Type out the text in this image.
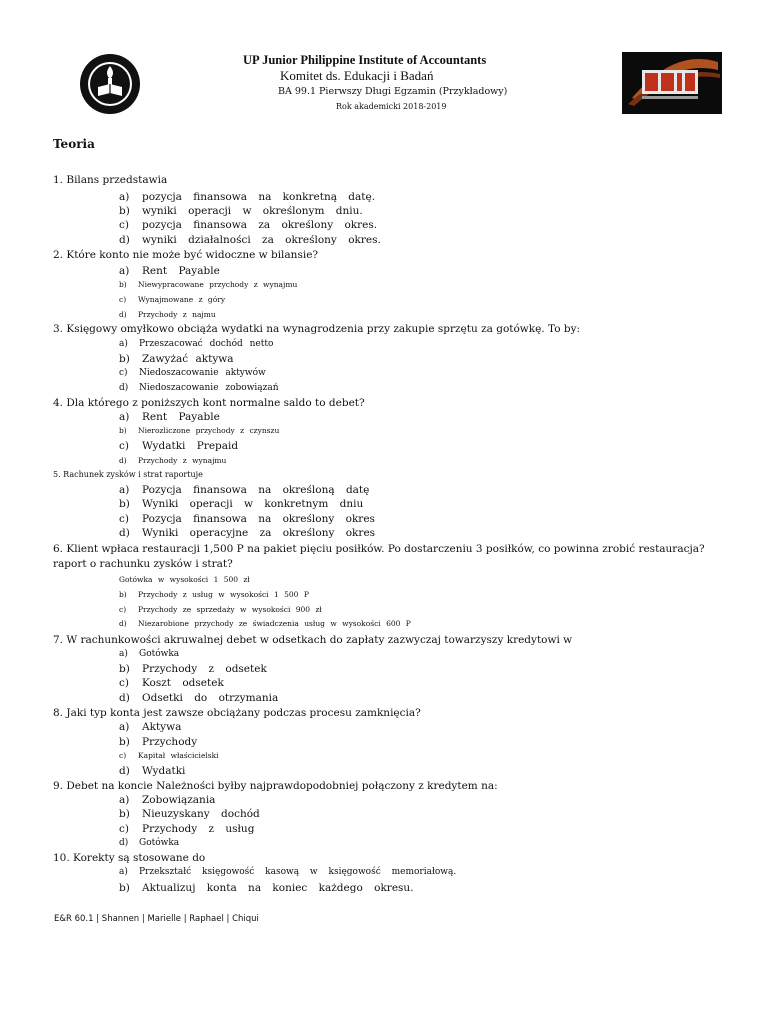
UP Junior Philippine Institute of Accountants
Komitet ds. Edukacji i Badań
BA 99.1 Pierwszy Długi Egzamin (Przykładowy)
Rok akademicki 2018-2019
Teoria
1. Bilans przedstawia
a)	pozycja finansowa na konkretną datę.
b)	wyniki operacji w określonym dniu.
c)	pozycja finansowa za określony okres.
d)	wyniki działalności za określony okres.
2. Które konto nie może być widoczne w bilansie?
a)	Rent Payable
b)	Niewypracowane przychody z wynajmu
c)	Wynajmowane z góry
d)	Przychody z najmu
3. Księgowy omyłkowo obciąża wydatki na wynagrodzenia przy zakupie sprzętu za gotówkę. To by:
a)	Przeszacować dochód netto
b)	Zawyżać aktywa
c)	Niedoszacowanie aktywów
d)	Niedoszacowanie zobowiązań
4. Dla którego z poniższych kont normalne saldo to debet?
a)	Rent Payable
b)	Nierozliczone przychody z czynszu
c)	Wydatki Prepaid
d)	Przychody z wynajmu
5. Rachunek zysków i strat raportuje
a)	Pozycja finansowa na określoną datę
b)	Wyniki operacji w konkretnym dniu
c)	Pozycja finansowa na określony okres
d)	Wyniki operacyjne za określony okres
6. Klient wpłaca restauracji 1,500 P na pakiet pięciu posiłków. Po dostarczeniu 3 posiłków, co powinna zrobić restauracja?
raport o rachunku zysków i strat?
Gotówka w wysokości 1 500 zł
b)	Przychody z usług w wysokości 1 500 P
c)	Przychody ze sprzedaży w wysokości 900 zł
d)	Niezarobione przychody ze świadczenia usług w wysokości 600 P
7. W rachunkowości akruwalnej debet w odsetkach do zapłaty zazwyczaj towarzyszy kredytowi w
a)	Gotówka
b)	Przychody z odsetek
c)	Koszt odsetek
d)	Odsetki do otrzymania
8. Jaki typ konta jest zawsze obciążany podczas procesu zamknięcia?
a)	Aktywa
b)	Przychody
c)	Kapitał właścicielski
d)	Wydatki
9. Debet na koncie Należności byłby najprawdopodobniej połączony z kredytem na:
a)	Zobowiązania
b)	Nieuzyskany dochód
c)	Przychody z usług
d)	Gotówka
10. Korekty są stosowane do
a)	Przekształć księgowość kasową w księgowość memoriałową.
b)	Aktualizuj konta na koniec każdego okresu.
E&R 60.1 | Shannen | Marielle | Raphael | Chiqui
